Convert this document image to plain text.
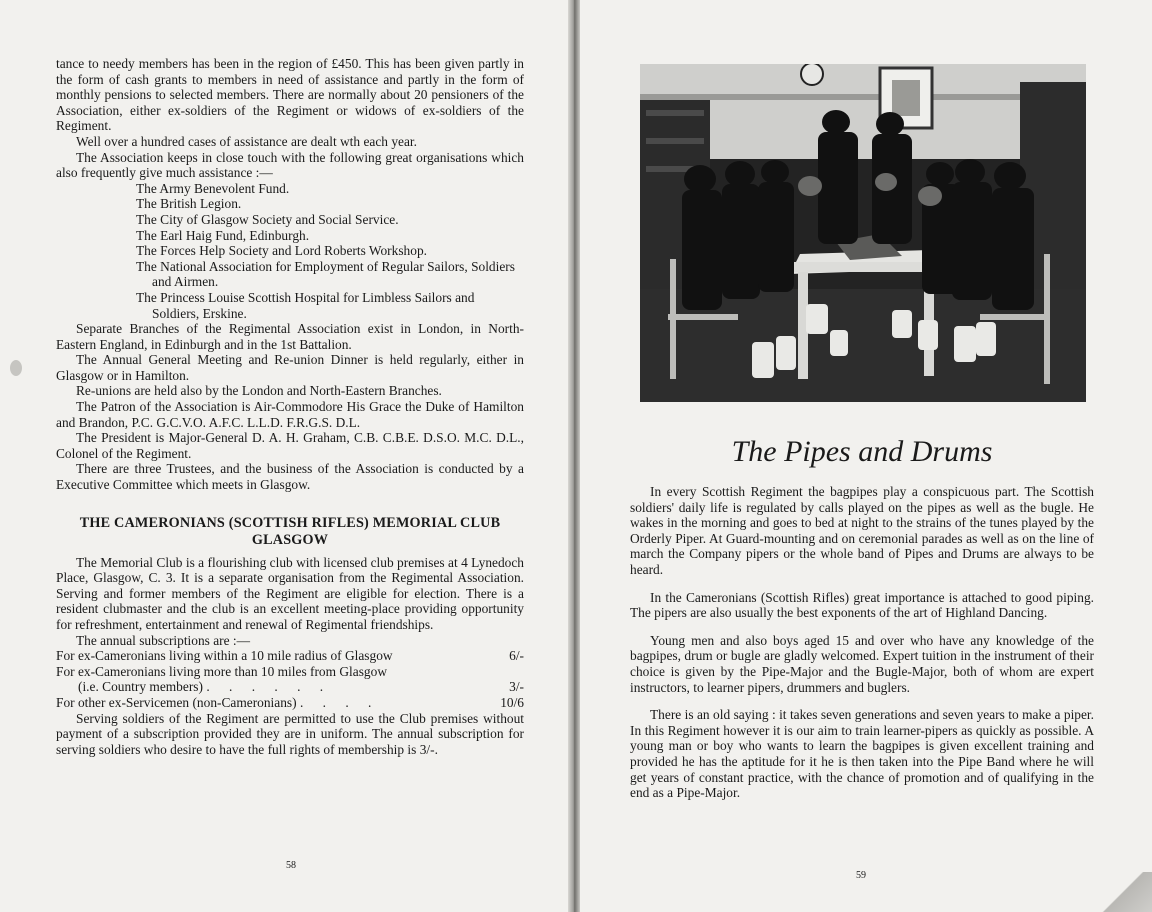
tance to needy members has been in the region of £450. This has been given partly in the form of cash grants to members in need of assistance and partly in the form of monthly pensions to selected members. There are normally about 20 pensioners of the Association, either ex-soldiers of the Regiment or widows of ex-soldiers of the Regiment.

Well over a hundred cases of assistance are dealt wth each year.

The Association keeps in close touch with the following great organisations which also frequently give much assistance :—

The Army Benevolent Fund.
The British Legion.
The City of Glasgow Society and Social Service.
The Earl Haig Fund, Edinburgh.
The Forces Help Society and Lord Roberts Workshop.
The National Association for Employment of Regular Sailors, Soldiers and Airmen.
The Princess Louise Scottish Hospital for Limbless Sailors and Soldiers, Erskine.

Separate Branches of the Regimental Association exist in London, in North-Eastern England, in Edinburgh and in the 1st Battalion.

The Annual General Meeting and Re-union Dinner is held regularly, either in Glasgow or in Hamilton.

Re-unions are held also by the London and North-Eastern Branches.

The Patron of the Association is Air-Commodore His Grace the Duke of Hamilton and Brandon, P.C. G.C.V.O. A.F.C. L.L.D. F.R.G.S. D.L.

The President is Major-General D. A. H. Graham, C.B. C.B.E. D.S.O. M.C. D.L., Colonel of the Regiment.

There are three Trustees, and the business of the Association is conducted by a Executive Committee which meets in Glasgow.

THE CAMERONIANS (SCOTTISH RIFLES) MEMORIAL CLUB
GLASGOW

The Memorial Club is a flourishing club with licensed club premises at 4 Lynedoch Place, Glasgow, C. 3. It is a separate organisation from the Regimental Association. Serving and former members of the Regiment are eligible for election. There is a resident clubmaster and the club is an excellent meeting-place providing opportunity for refreshment, entertainment and renewal of Regimental friendships.

The annual subscriptions are :—

For ex-Cameronians living within a 10 mile radius of Glasgow	6/-
For ex-Cameronians living more than 10 miles from Glasgow
(i.e. Country members) . . . . . .	3/-
For other ex-Servicemen (non-Cameronians) . . . .	10/6

Serving soldiers of the Regiment are permitted to use the Club premises without payment of a subscription provided they are in uniform. The annual subscription for serving soldiers who desire to have the full rights of membership is 3/-.

58
The Pipes and Drums

In every Scottish Regiment the bagpipes play a conspicuous part. The Scottish soldiers' daily life is regulated by calls played on the pipes as well as the bugle. He wakes in the morning and goes to bed at night to the strains of the tunes played by the Orderly Piper. At Guard-mounting and on ceremonial parades as well as on the line of march the Company pipers or the whole band of Pipes and Drums are always to be heard.

In the Cameronians (Scottish Rifles) great importance is attached to good piping. The pipers are also usually the best exponents of the art of Highland Dancing.

Young men and also boys aged 15 and over who have any knowledge of the bagpipes, drum or bugle are gladly welcomed. Expert tuition in the instrument of their choice is given by the Pipe-Major and the Bugle-Major, both of whom are expert instructors, to learner pipers, drummers and buglers.

There is an old saying : it takes seven generations and seven years to make a piper. In this Regiment however it is our aim to train learner-pipers as quickly as possible. A young man or boy who wants to learn the bagpipes is given excellent training and provided he has the aptitude for it he is then taken into the Pipe Band where he will get years of constant practice, with the chance of promotion and of qualifying in the end as a Pipe-Major.

59
